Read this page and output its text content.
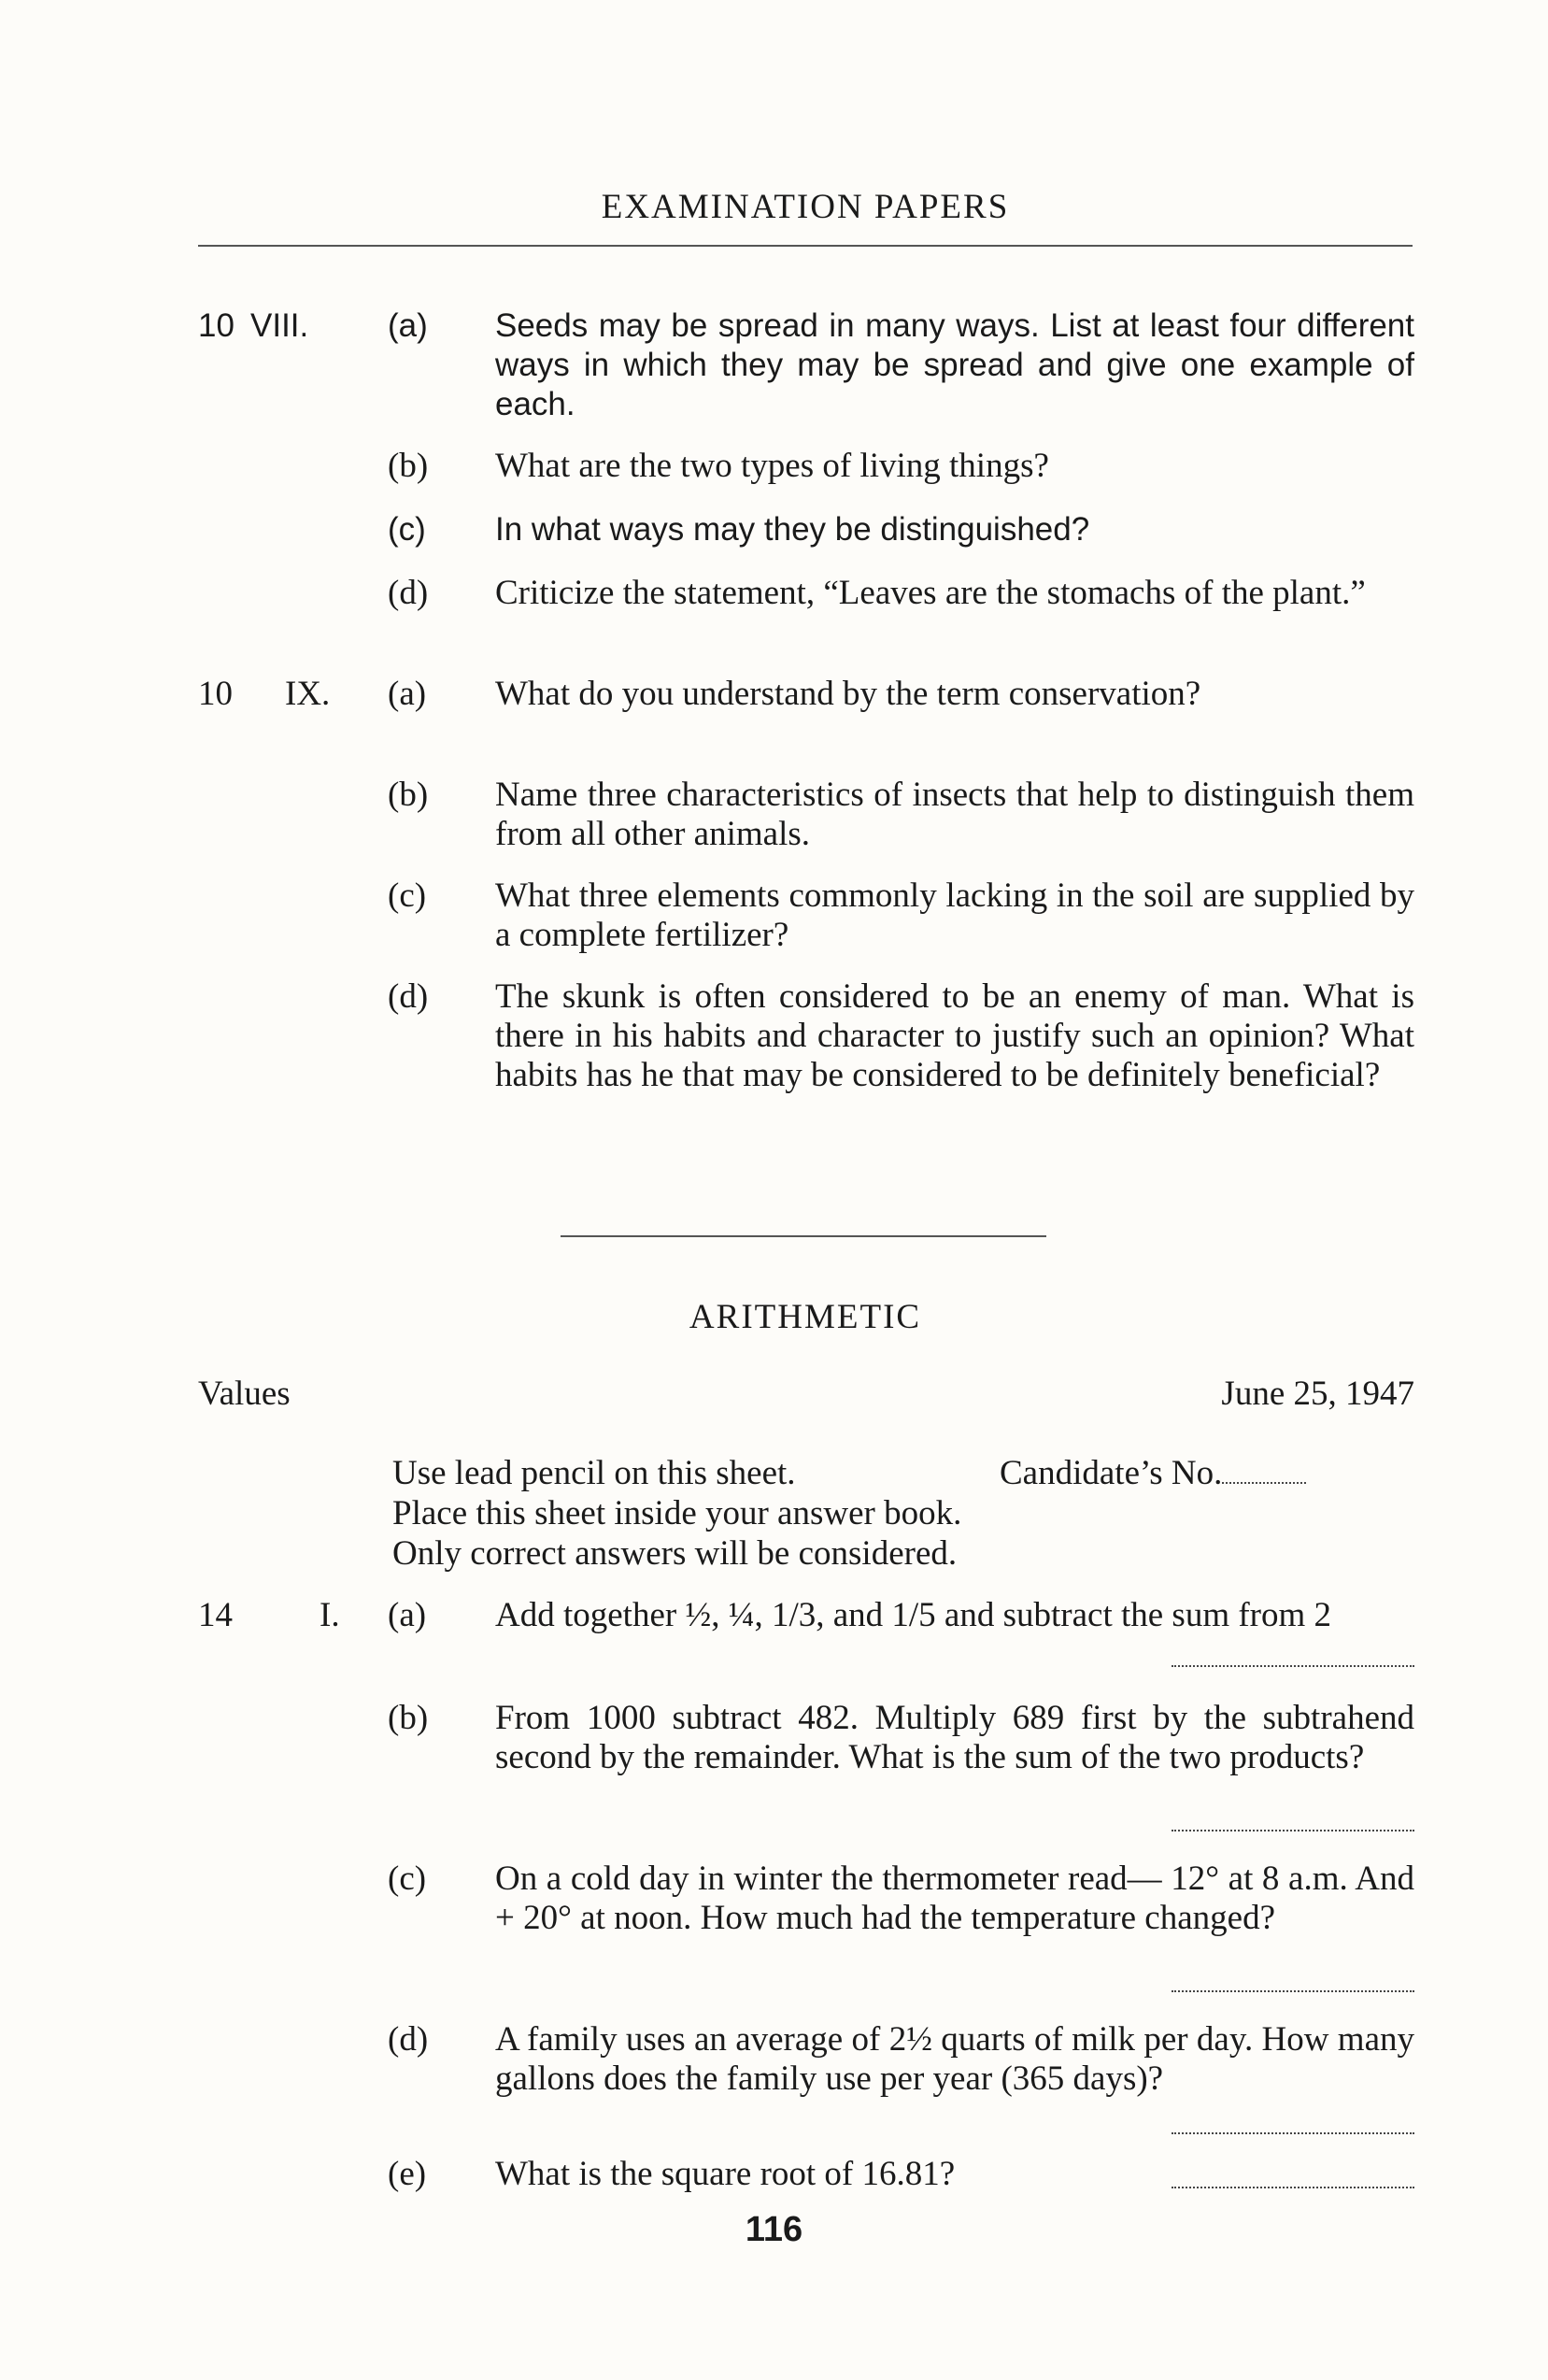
EXAMINATION PAPERS
10 VIII. (a) Seeds may be spread in many ways. List at least four different ways in which they may be spread and give one example of each.
(b) What are the two types of living things?
(c) In what ways may they be distinguished?
(d) Criticize the statement, “Leaves are the stomachs of the plant.”
10 IX. (a) What do you understand by the term conservation?
(b) Name three characteristics of insects that help to distinguish them from all other animals.
(c) What three elements commonly lacking in the soil are supplied by a complete fertilizer?
(d) The skunk is often considered to be an enemy of man. What is there in his habits and character to justify such an opinion? What habits has he that may be considered to be definitely beneficial?
ARITHMETIC
Values	June 25, 1947
Use lead pencil on this sheet.	Candidate’s No.
Place this sheet inside your answer book.
Only correct answers will be considered.
14	I. (a) Add together ½, ¼, 1/3, and 1/5 and subtract the sum from 2
(b) From 1000 subtract 482. Multiply 689 first by the subtrahend second by the remainder. What is the sum of the two products?
(c) On a cold day in winter the thermometer read— 12° at 8 a.m. And + 20° at noon. How much had the temperature changed?
(d) A family uses an average of 2½ quarts of milk per day. How many gallons does the family use per year (365 days)?
(e) What is the square root of 16.81?
116
